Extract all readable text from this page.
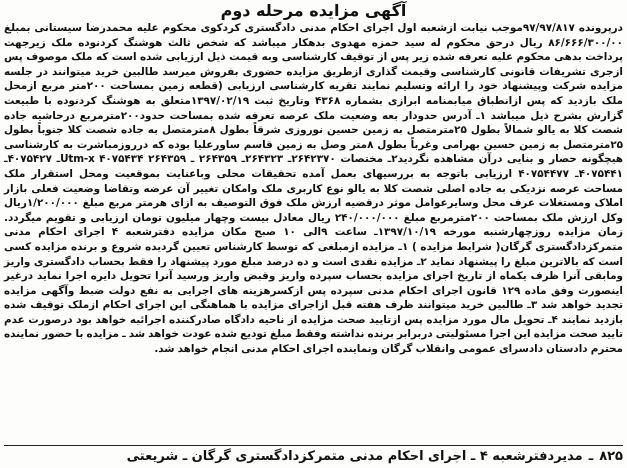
آگهی مزایده مرحله دوم
درپرونده ۹۷/۹۷/۸۱۷موجب نیابت ازشعبه اول اجرای احکام مدنی دادگستری کردکوی محکوم علیه محمدرضا سیستانی بمبلغ ۸۶/۶۶۶/۳۰۰/۰۰ ریال درحق محکوم له سید حمزه مهدوی بدهکار میباشد که شخص ثالث هوشنگ کردنوده ملک زیرجهت پرداخت بدهی محکوم علیه تعرفه شده زیر پس از توقیف کارشناسی وبه قیمت ذیل ارزیابی شده است که ملک موصوف پس ازجری تشریفات قانونی کارشناسی وقیمت گذاری ازطریق مزایده حضوری بفروش میرسد طالبین خرید میتوانند در جلسه مزایده شرکت وپیشنهاد خود را ارائه وتسلیم نمایند تقریه کارشناسی ارزیابی (قطعه زمین بمساحت ۲۰۰متر مربع ازمحل ملک بازدید که پس ازانطباق میابمنامه ابرازی بشماره ۴۳۶۸ وتاریخ ثبت ۱۳۹۷/۰۲/۱۹متعلق به هوشنگ کردنوده با طبیعت گزارش بشرح ذیل میباشد ۱ـ آدرس حدودار بعه وضعیت ملک عرصه تعرفه شده بمساحت حدود۲۰۰مترمربع درحاشیه جاده شصت کلا به یالو شمالاً بطول ۲۵مترمتصل به زمین حسین نوروزی شرقاً بطول ۸مترمتصل به جاده شصت کلا جنوباً بطول ۲۵مترمتصل به زمین حسین بهرامی وغرباً بطول ۸متر وصل به زمین قاسم ساورعلیا بوده که درروزمباشرت به کارشناسی هیچگونه حصار و بنایی درآن مشاهده نگردید۲ـ مختصات ۲۶۴۲۳۷۰ـ ۲۶۴۳۲۳ـ ۲۶۴۳۵۹ ـ ۲۶۴۳۵۹ Utm-x ۴۰۷۵۴۳۴ـ ۴۰۷۵۴۲۷ـ ۴۰۷۵۴۴۱ـ ۴۰۷۵۴۴۷۷ ارزیابی باتوجه به بررسیهای بعمل آمده تحقیقات محلی وباعنایت بموقعیت ومحل استقرار ملک مساحت عرصه نزدیکی به جاده اصلی شصت کلا به یالو نوع کاربری ملک وامکان تغییر آن عرضه وتقاضا وضعیت فعلی بازار املاک ومستغلات عرف محل وسایرعوامل موثر درقضیه ارزش ملک فوق التوصیف به ازای هرمتر مربع مبلغ ۱/۲۰۰/۰۰۰ریال وکل ارزش ملک بمساحت ۲۰۰مترمربع مبلغ ۲۴۰/۰۰۰/۰۰۰ ریال معادل بیست وچهار میلیون تومان ارزیابی و تقویم میگردد. زمان مزایده روزچهارشنبه مورخه ۱۳۹۷/۱۰/۱۹ـ ساعت ۹الی ۱۰ صبح مکان مزایده دفترشعبه ۴ اجرای احکام مدنی متمرکزدادگستری گرگان( شرایط مزایده ) ۱ـ مزایده ازمبلغی که توسط کارشناس تعیین گردیده شروع و برنده مزایده کسی است که بالاترین مبلغ را پیشنهاد نماید ۲ـ مزایده نقدی است و ده درصد مبلغ مورد پیشنهاد را فقط بحساب دادگستری واریز ومابقی آنرا ظرف یکماه از تاریخ اجرای مزایده بحساب سپرده واریز وقبض واریز ورسید آنرا تحویل دایره اجرا نماید درغیر اینصورت وفق ماده ۱۲۹ قانون اجرای احکام مدنی سپرده پس ازکسرهزینه های اجرایی به نفع دولت ضبط وآگهی مزایده تجدید خواهد شد ۳ـ طالبین خرید میتوانند ظرف هفته قبل ازاجرای مزایده با هماهنگی این اجرای احکام ازملک توقیف شده بازدید نمایند ۴ـ تحویل مال مورد مزایده پس ازتایید صحت مزایده از ناحیه دادگاه صادرکننده اجرائیه خواهد بود درصورت عدم تایید صحت مزایده این اجرا مسئولیتی دربرابر برنده نداشته وفقط مبلغ تودیع شده عودت خواهد شد ـ مزایده با حضور نماینده محترم دادستان دادسرای عمومی وانقلاب گرگان ونماینده اجرای احکام مدنی انجام خواهد شد.
۸۲۵
ـ
مدیردفترشعبه ۴ ـ اجرای احکام مدنی متمرکزدادگستری گرگان ـ شریعتی
